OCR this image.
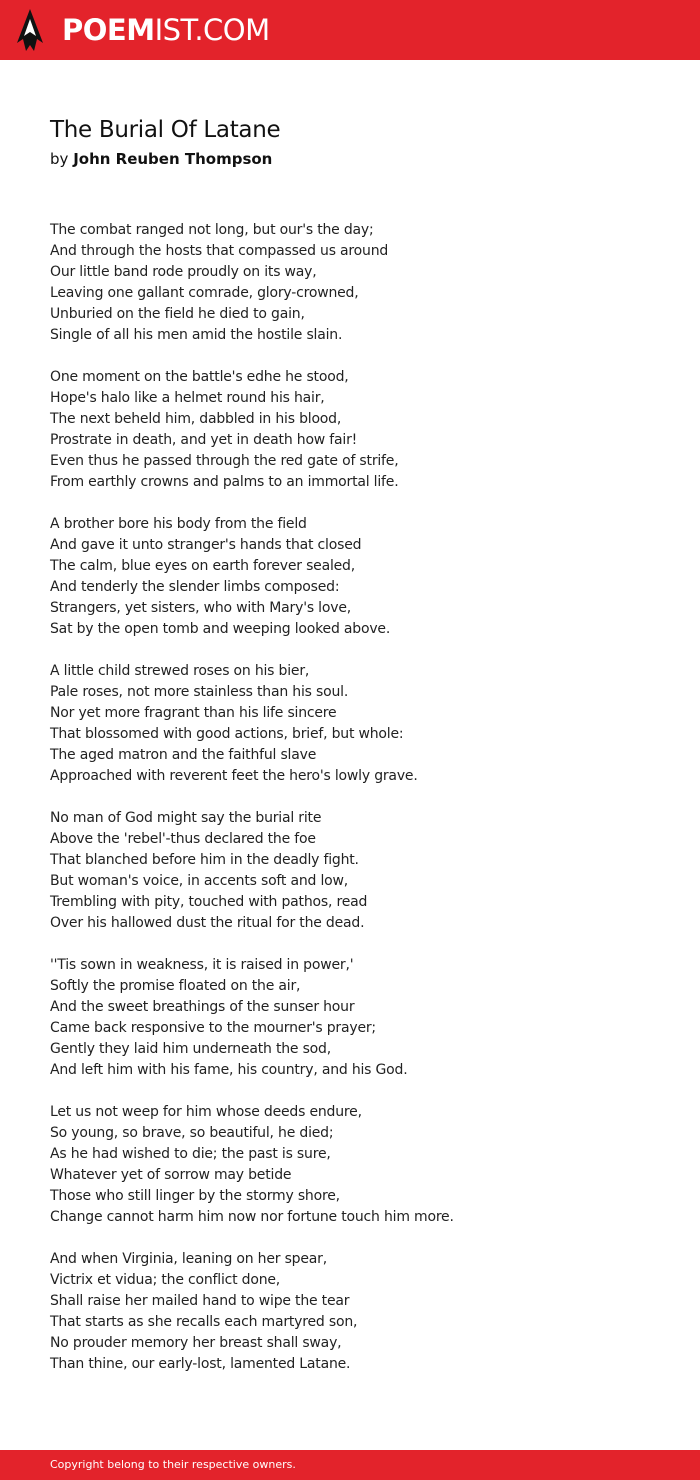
POEMIST.COM
The Burial Of Latane
by John Reuben Thompson
The combat ranged not long, but our's the day;
And through the hosts that compassed us around
Our little band rode proudly on its way,
Leaving one gallant comrade, glory-crowned,
Unburied on the field he died to gain,
Single of all his men amid the hostile slain.
One moment on the battle's edhe he stood,
Hope's halo like a helmet round his hair,
The next beheld him, dabbled in his blood,
Prostrate in death, and yet in death how fair!
Even thus he passed through the red gate of strife,
From earthly crowns and palms to an immortal life.
A brother bore his body from the field
And gave it unto stranger's hands that closed
The calm, blue eyes on earth forever sealed,
And tenderly the slender limbs composed:
Strangers, yet sisters, who with Mary's love,
Sat by the open tomb and weeping looked above.
A little child strewed roses on his bier,
Pale roses, not more stainless than his soul.
Nor yet more fragrant than his life sincere
That blossomed with good actions, brief, but whole:
The aged matron and the faithful slave
Approached with reverent feet the hero's lowly grave.
No man of God might say the burial rite
Above the 'rebel'-thus declared the foe
That blanched before him in the deadly fight.
But woman's voice, in accents soft and low,
Trembling with pity, touched with pathos, read
Over his hallowed dust the ritual for the dead.
''Tis sown in weakness, it is raised in power,'
Softly the promise floated on the air,
And the sweet breathings of the sunser hour
Came back responsive to the mourner's prayer;
Gently they laid him underneath the sod,
And left him with his fame, his country, and his God.
Let us not weep for him whose deeds endure,
So young, so brave, so beautiful, he died;
As he had wished to die; the past is sure,
Whatever yet of sorrow may betide
Those who still linger by the stormy shore,
Change cannot harm him now nor fortune touch him more.
And when Virginia, leaning on her spear,
Victrix et vidua; the conflict done,
Shall raise her mailed hand to wipe the tear
That starts as she recalls each martyred son,
No prouder memory her breast shall sway,
Than thine, our early-lost, lamented Latane.
Copyright belong to their respective owners.
